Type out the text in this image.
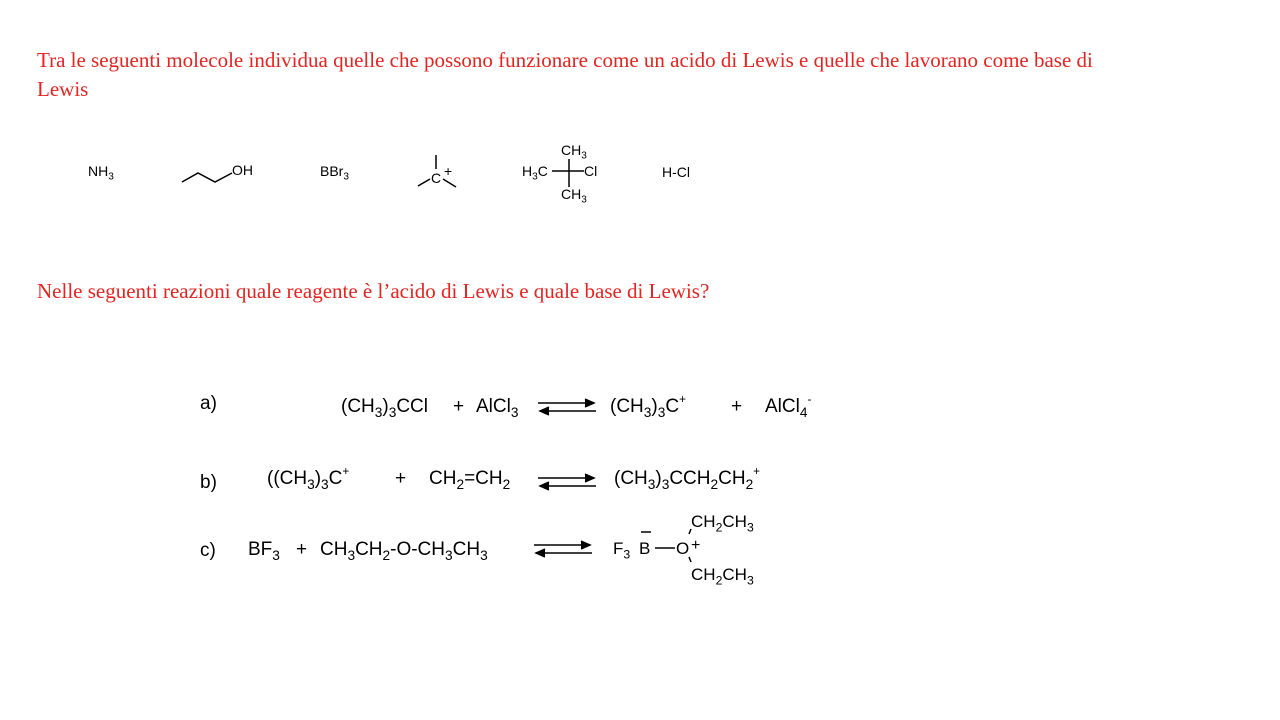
Tra le seguenti molecole individua quelle che possono funzionare come un acido di Lewis e quelle che lavorano come base di Lewis

Nelle seguenti reazioni quale reagente è l’acido di Lewis e quale base di Lewis?

$NH_3$	OH	BBr$_3$	C +
$CH_3$
$H_3C$	Cl
$CH_3$
H-Cl
a)	$(CH_3)_3CCl$ + AlCl$_3$	$(CH_3)_3C^+$ + AlCl$_4$-
b)	($(CH_3)_3C^+ + CH_2=CH_2$	$(CH_3)_3CCH_2CH_2^+$
c) $BF_3 + CH_3CH_2-O-CH_3CH_3$	$F_3$ B O +
$CH_2CH_3$
$CH_2CH_3$
